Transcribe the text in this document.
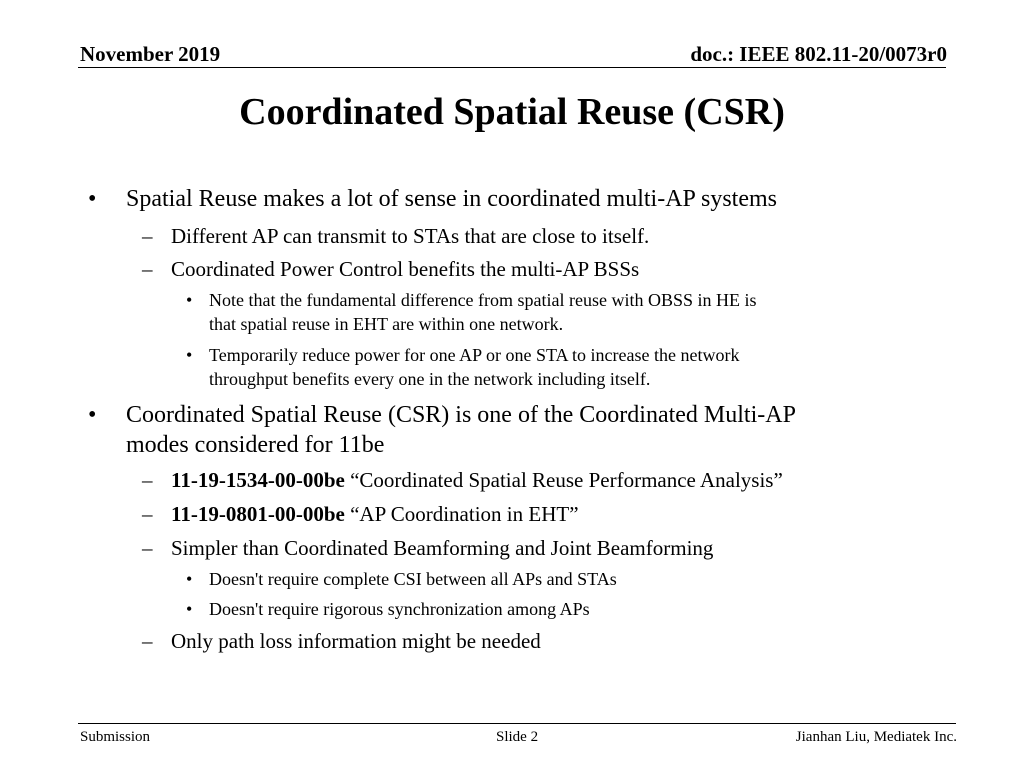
November 2019	doc.: IEEE 802.11-20/0073r0
Coordinated Spatial Reuse (CSR)
• Spatial Reuse makes a lot of sense in coordinated multi-AP systems
– Different AP can transmit to STAs that are close to itself.
– Coordinated Power Control benefits the multi-AP BSSs
• Note that the fundamental difference from spatial reuse with OBSS in HE is
that spatial reuse in EHT are within one network.
• Temporarily reduce power for one AP or one STA to increase the network
throughput benefits every one in the network including itself.
• Coordinated Spatial Reuse (CSR) is one of the Coordinated Multi-AP
modes considered for 11be
– 11-19-1534-00-00be “Coordinated Spatial Reuse Performance Analysis”
– 11-19-0801-00-00be “AP Coordination in EHT”
– Simpler than Coordinated Beamforming and Joint Beamforming
• Doesn't require complete CSI between all APs and STAs
• Doesn't require rigorous synchronization among APs
– Only path loss information might be needed
Submission	Slide 2	Jianhan Liu, Mediatek Inc.
